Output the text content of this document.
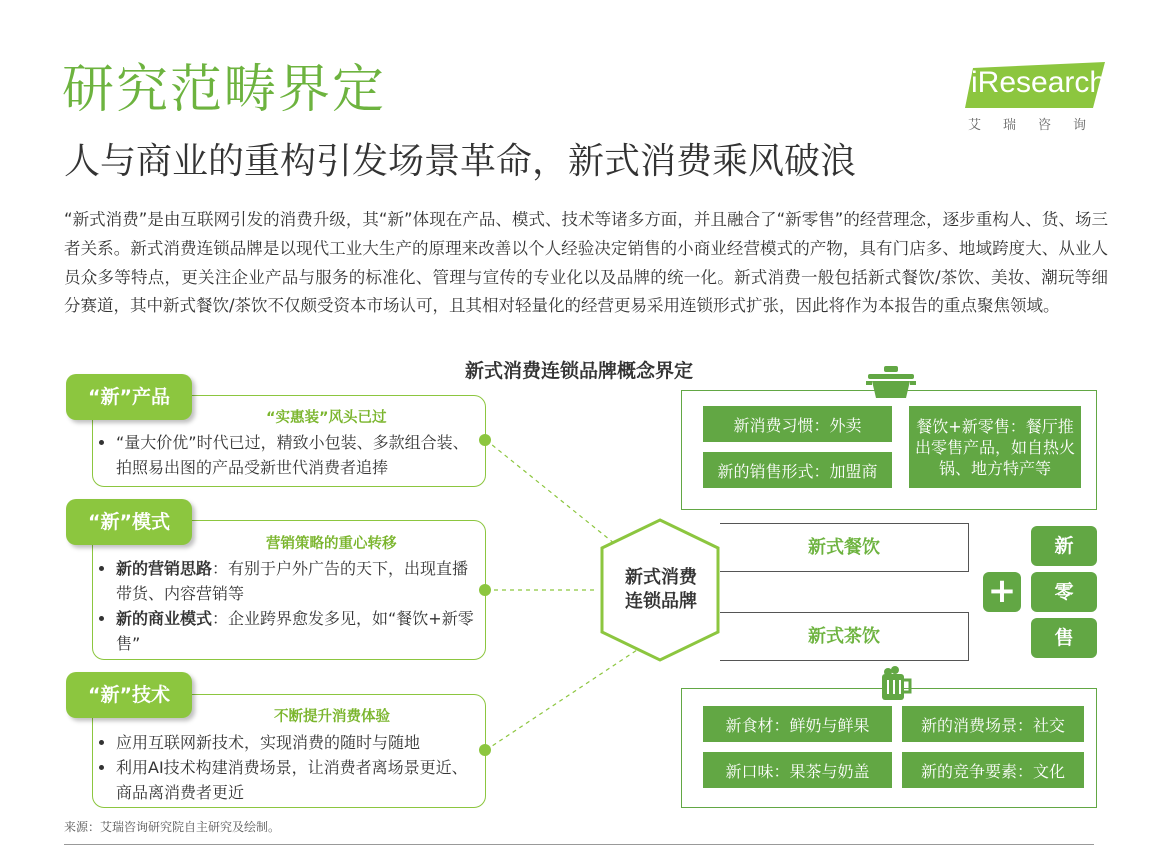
研究范畴界定
人与商业的重构引发场景革命，新式消费乘风破浪
iResearch
艾瑞咨询
“新式消费”是由互联网引发的消费升级，其“新”体现在产品、模式、技术等诸多方面，并且融合了“新零售”的经营理念，逐步重构人、货、场三者关系。新式消费连锁品牌是以现代工业大生产的原理来改善以个人经验决定销售的小商业经营模式的产物，具有门店多、地域跨度大、从业人员众多等特点，更关注企业产品与服务的标准化、管理与宣传的专业化以及品牌的统一化。新式消费一般包括新式餐饮/茶饮、美妆、潮玩等细分赛道，其中新式餐饮/茶饮不仅颇受资本市场认可，且其相对轻量化的经营更易采用连锁形式扩张，因此将作为本报告的重点聚焦领域。
新式消费连锁品牌概念界定
“新”产品
“实惠装”风头已过
• “量大价优”时代已过，精致小包装、多款组合装、拍照易出图的产品受新世代消费者追捧
“新”模式
营销策略的重心转移
• 新的营销思路：有别于户外广告的天下，出现直播带货、内容营销等
• 新的商业模式：企业跨界愈发多见，如“餐饮+新零售”
“新”技术
不断提升消费体验
• 应用互联网新技术，实现消费的随时与随地
• 利用AI技术构建消费场景，让消费者离场景更近、商品离消费者更近
新式消费
连锁品牌
新式餐饮
新式茶饮
新消费习惯：外卖
新的销售形式：加盟商
餐饮+新零售：餐厅推出零售产品，如自热火锅、地方特产等
新食材：鲜奶与鲜果
新口味：果茶与奶盖
新的消费场景：社交
新的竞争要素：文化
+
新
零
售
来源：艾瑞咨询研究院自主研究及绘制。
